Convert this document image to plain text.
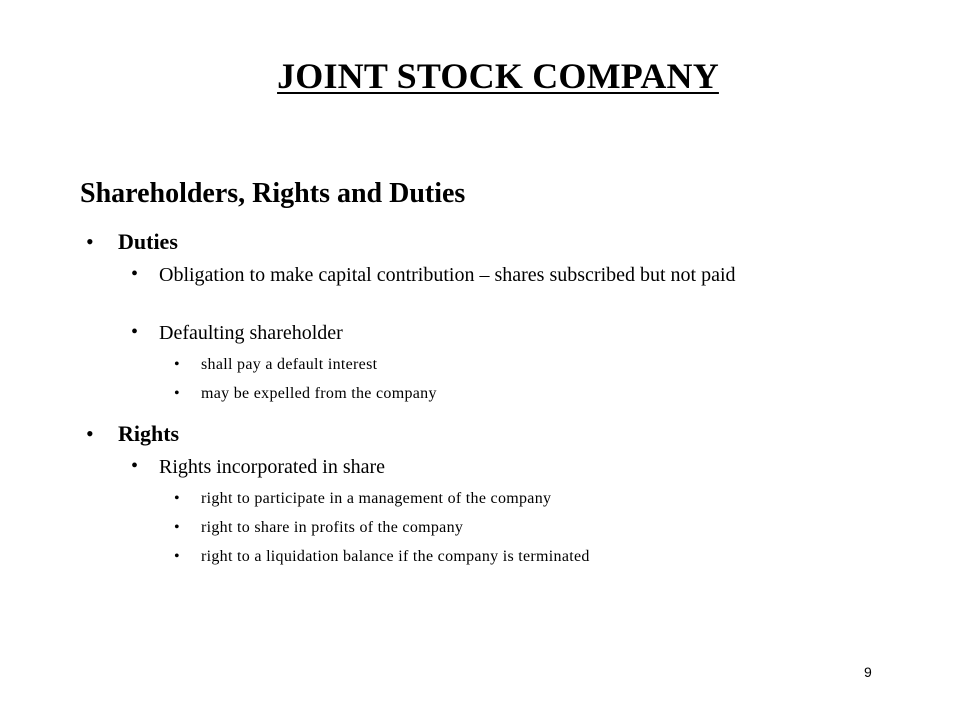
JOINT STOCK COMPANY
Shareholders, Rights and Duties
• Duties
• Obligation to make capital contribution – shares subscribed but not paid
• Defaulting shareholder
• shall pay a default interest
• may be expelled from the company
• Rights
• Rights incorporated in share
• right to participate in a management of the company
• right to share in profits of the company
• right to a liquidation balance if the company is terminated
9
